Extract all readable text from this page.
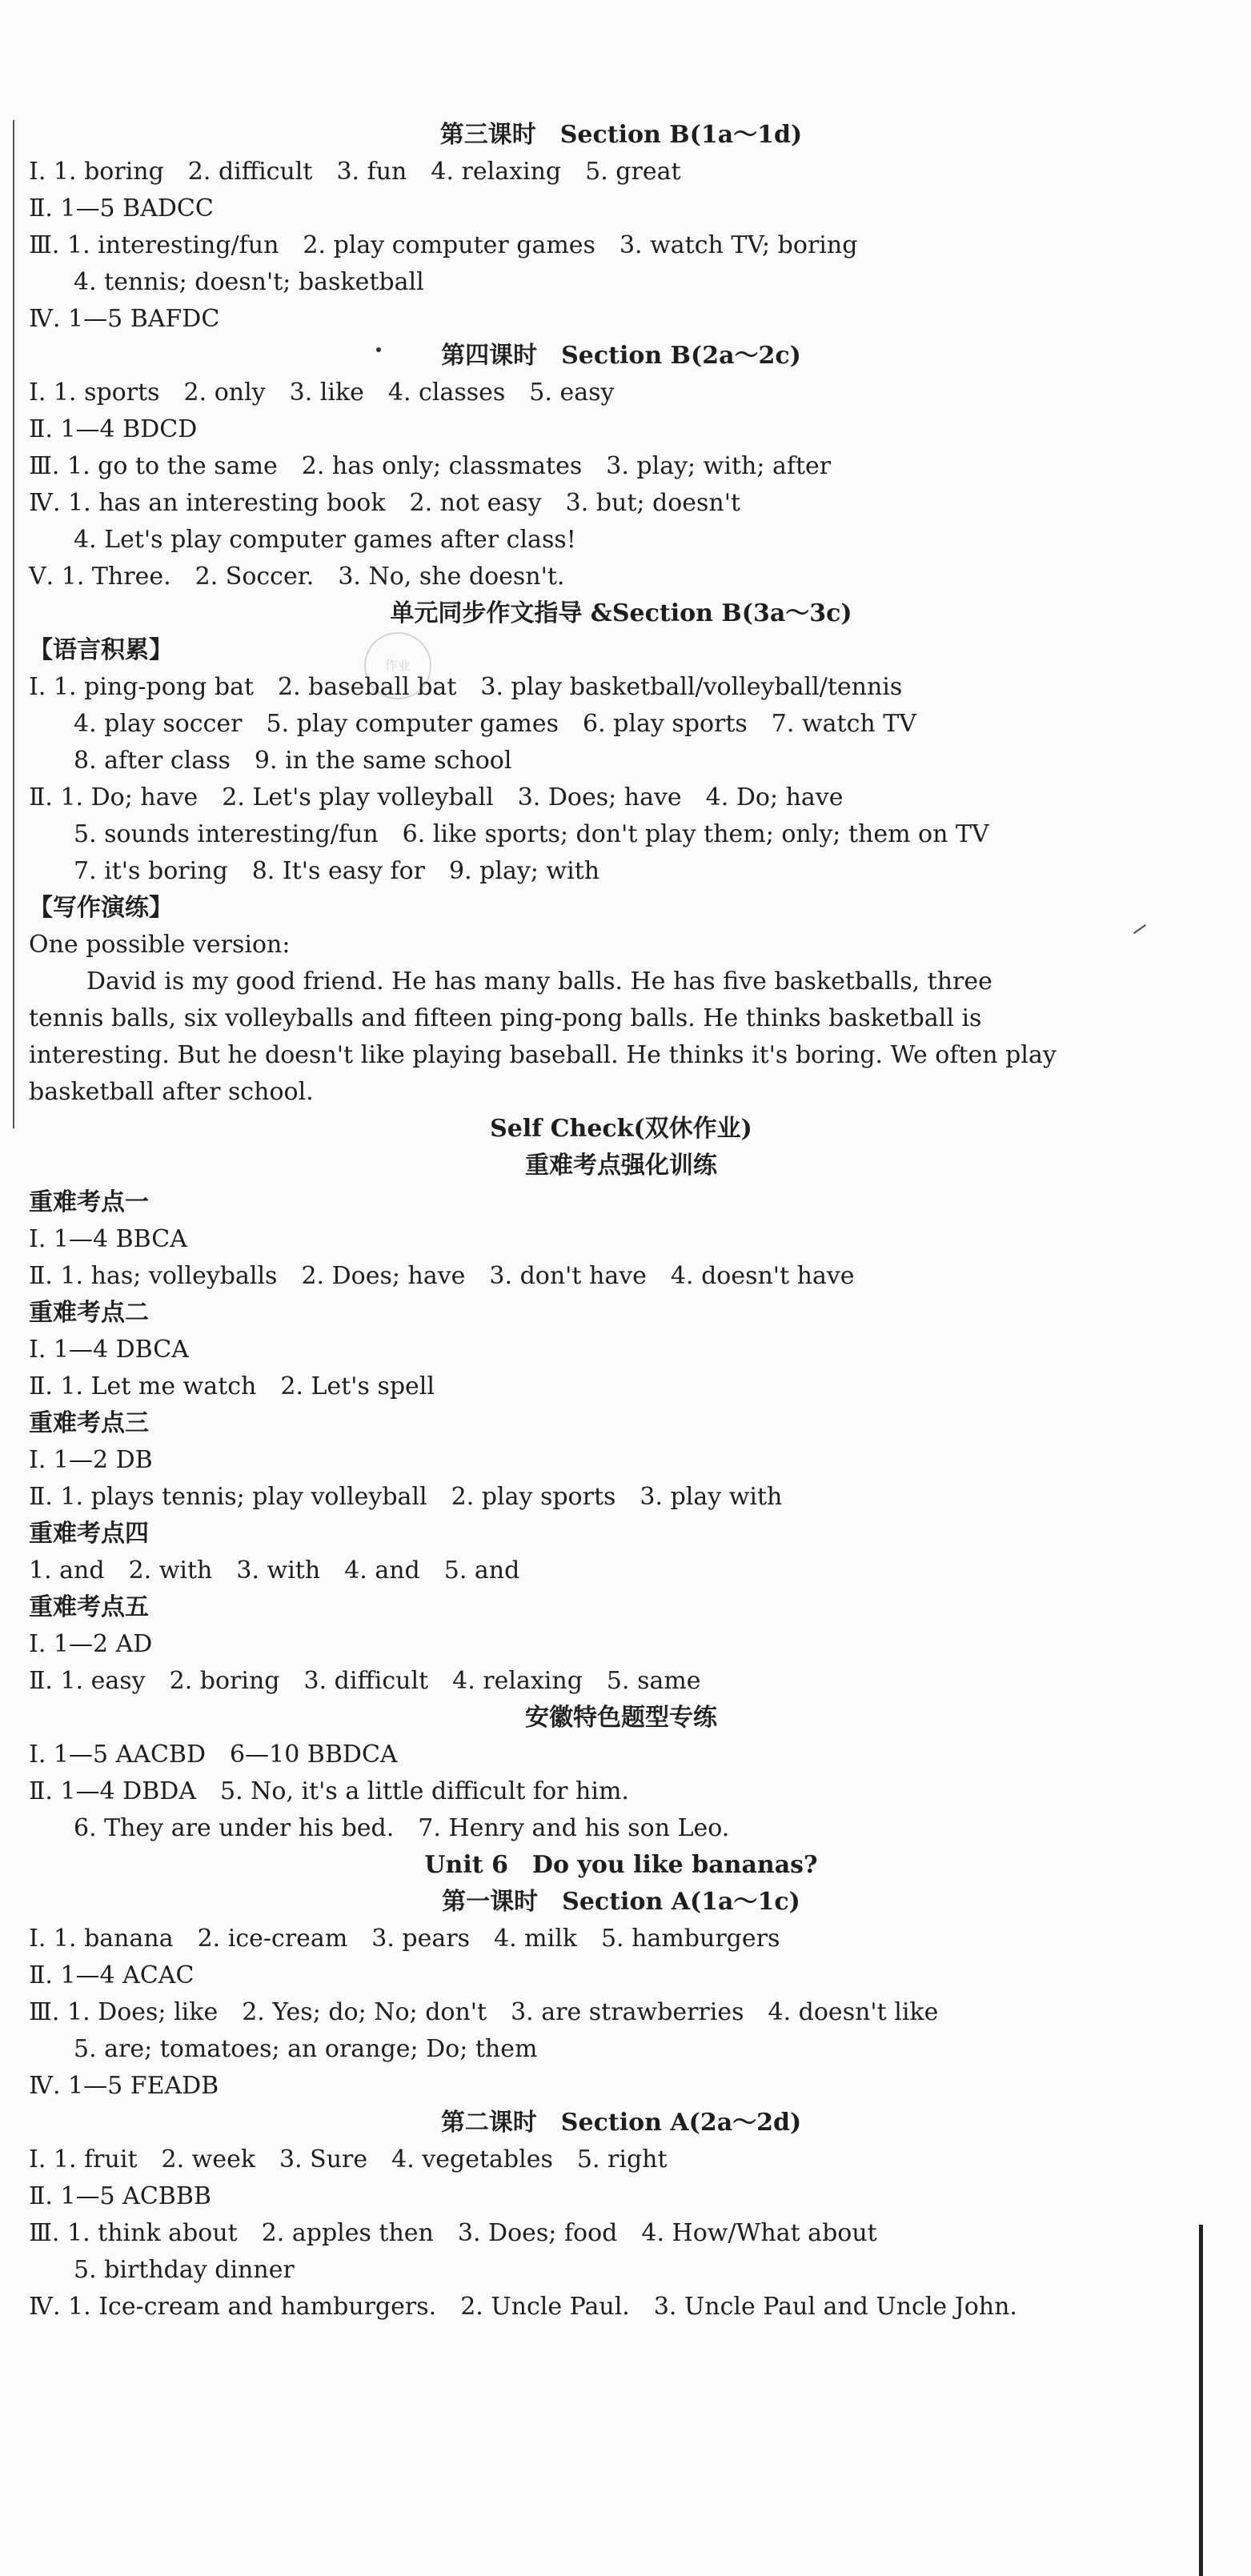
作业
第三课时　Section B(1a～1d)
Ⅰ. 1. boring　2. difficult　3. fun　4. relaxing　5. great
Ⅱ. 1—5 BADCC
Ⅲ. 1. interesting/fun　2. play computer games　3. watch TV; boring
4. tennis; doesn't; basketball
Ⅳ. 1—5 BAFDC
第四课时　Section B(2a～2c)
Ⅰ. 1. sports　2. only　3. like　4. classes　5. easy
Ⅱ. 1—4 BDCD
Ⅲ. 1. go to the same　2. has only; classmates　3. play; with; after
Ⅳ. 1. has an interesting book　2. not easy　3. but; doesn't
4. Let's play computer games after class!
Ⅴ. 1. Three.　2. Soccer.　3. No, she doesn't.
单元同步作文指导 &Section B(3a～3c)
【语言积累】
Ⅰ. 1. ping-pong bat　2. baseball bat　3. play basketball/volleyball/tennis
4. play soccer　5. play computer games　6. play sports　7. watch TV
8. after class　9. in the same school
Ⅱ. 1. Do; have　2. Let's play volleyball　3. Does; have　4. Do; have
5. sounds interesting/fun　6. like sports; don't play them; only; them on TV
7. it's boring　8. It's easy for　9. play; with
【写作演练】
One possible version:
David is my good friend. He has many balls. He has five basketballs, three
tennis balls, six volleyballs and fifteen ping-pong balls. He thinks basketball is
interesting. But he doesn't like playing baseball. He thinks it's boring. We often play
basketball after school.
Self Check(双休作业)
重难考点强化训练
重难考点一
Ⅰ. 1—4 BBCA
Ⅱ. 1. has; volleyballs　2. Does; have　3. don't have　4. doesn't have
重难考点二
Ⅰ. 1—4 DBCA
Ⅱ. 1. Let me watch　2. Let's spell
重难考点三
Ⅰ. 1—2 DB
Ⅱ. 1. plays tennis; play volleyball　2. play sports　3. play with
重难考点四
1. and　2. with　3. with　4. and　5. and
重难考点五
Ⅰ. 1—2 AD
Ⅱ. 1. easy　2. boring　3. difficult　4. relaxing　5. same
安徽特色题型专练
Ⅰ. 1—5 AACBD　6—10 BBDCA
Ⅱ. 1—4 DBDA　5. No, it's a little difficult for him.
6. They are under his bed.　7. Henry and his son Leo.
Unit 6　Do you like bananas?
第一课时　Section A(1a～1c)
Ⅰ. 1. banana　2. ice-cream　3. pears　4. milk　5. hamburgers
Ⅱ. 1—4 ACAC
Ⅲ. 1. Does; like　2. Yes; do; No; don't　3. are strawberries　4. doesn't like
5. are; tomatoes; an orange; Do; them
Ⅳ. 1—5 FEADB
第二课时　Section A(2a～2d)
Ⅰ. 1. fruit　2. week　3. Sure　4. vegetables　5. right
Ⅱ. 1—5 ACBBB
Ⅲ. 1. think about　2. apples then　3. Does; food　4. How/What about
5. birthday dinner
Ⅳ. 1. Ice-cream and hamburgers.　2. Uncle Paul.　3. Uncle Paul and Uncle John.
